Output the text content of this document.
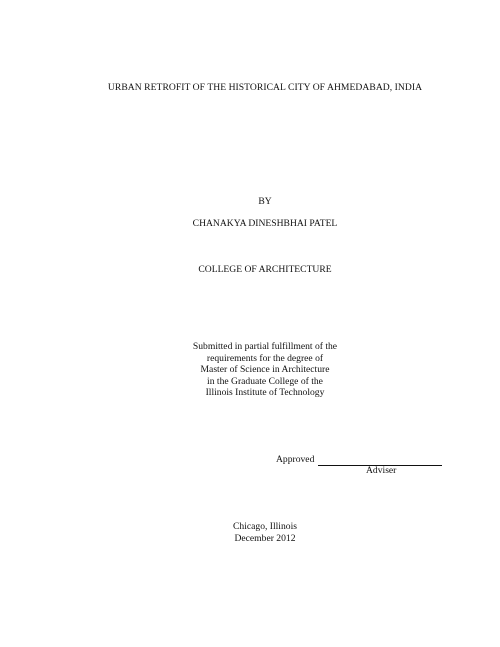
URBAN RETROFIT OF THE HISTORICAL CITY OF AHMEDABAD, INDIA
BY
CHANAKYA DINESHBHAI PATEL
COLLEGE OF ARCHITECTURE
Submitted in partial fulfillment of the
requirements for the degree of
Master of Science in Architecture
in the Graduate College of the
Illinois Institute of Technology
Approved
Adviser
Chicago, Illinois
December 2012
